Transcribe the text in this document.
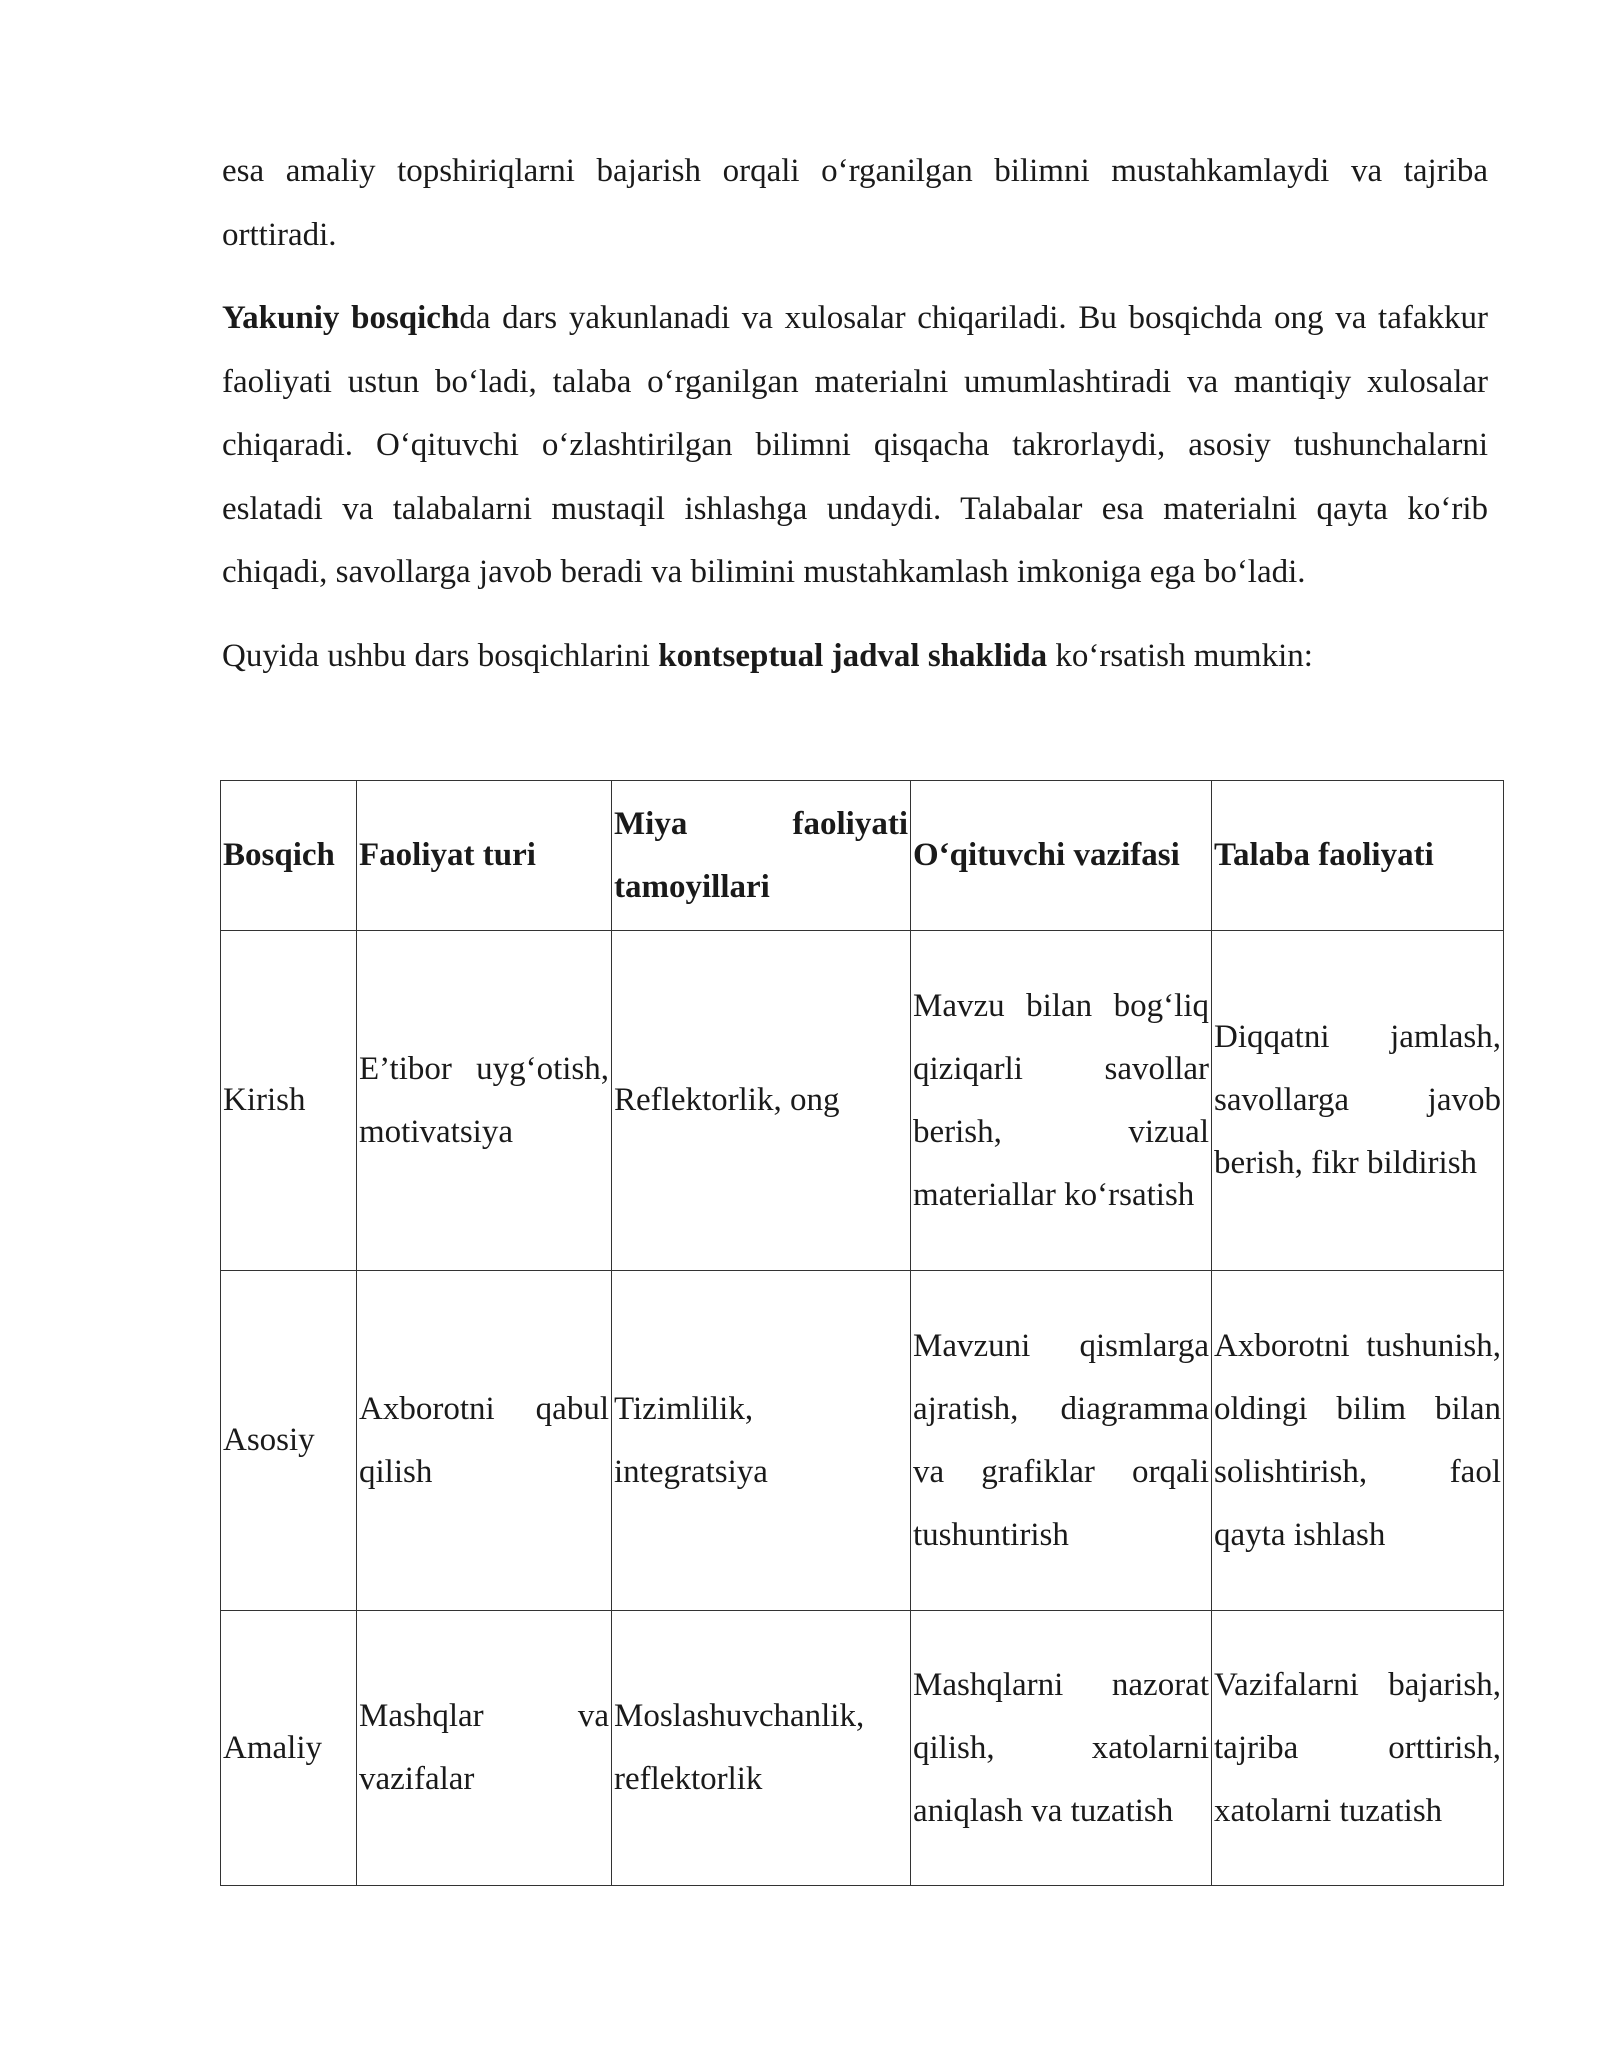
esa amaliy topshiriqlarni bajarish orqali o‘rganilgan bilimni mustahkamlaydi va tajriba orttiradi.

Yakuniy bosqichda dars yakunlanadi va xulosalar chiqariladi. Bu bosqichda ong va tafakkur faoliyati ustun bo‘ladi, talaba o‘rganilgan materialni umumlashtiradi va mantiqiy xulosalar chiqaradi. O‘qituvchi o‘zlashtirilgan bilimni qisqacha takrorlaydi, asosiy tushunchalarni eslatadi va talabalarni mustaqil ishlashga undaydi. Talabalar esa materialni qayta ko‘rib chiqadi, savollarga javob beradi va bilimini mustahkamlash imkoniga ega bo‘ladi.

Quyida ushbu dars bosqichlarini kontseptual jadval shaklida ko‘rsatish mumkin:

Bosqich	Faoliyat turi	Miya faoliyati tamoyillari	O‘qituvchi vazifasi	Talaba faoliyati
Kirish	E’tibor uyg‘otish, motivatsiya	Reflektorlik, ong	Mavzu bilan bog‘liq qiziqarli savollar berish, vizual materiallar ko‘rsatish	Diqqatni jamlash, savollarga javob berish, fikr bildirish
Asosiy	Axborotni qabul qilish	Tizimlilik, integratsiya	Mavzuni qismlarga ajratish, diagramma va grafiklar orqali tushuntirish	Axborotni tushunish, oldingi bilim bilan solishtirish, faol qayta ishlash
Amaliy	Mashqlar va vazifalar	Moslashuvchanlik, reflektorlik	Mashqlarni nazorat qilish, xatolarni aniqlash va tuzatish	Vazifalarni bajarish, tajriba orttirish, xatolarni tuzatish
